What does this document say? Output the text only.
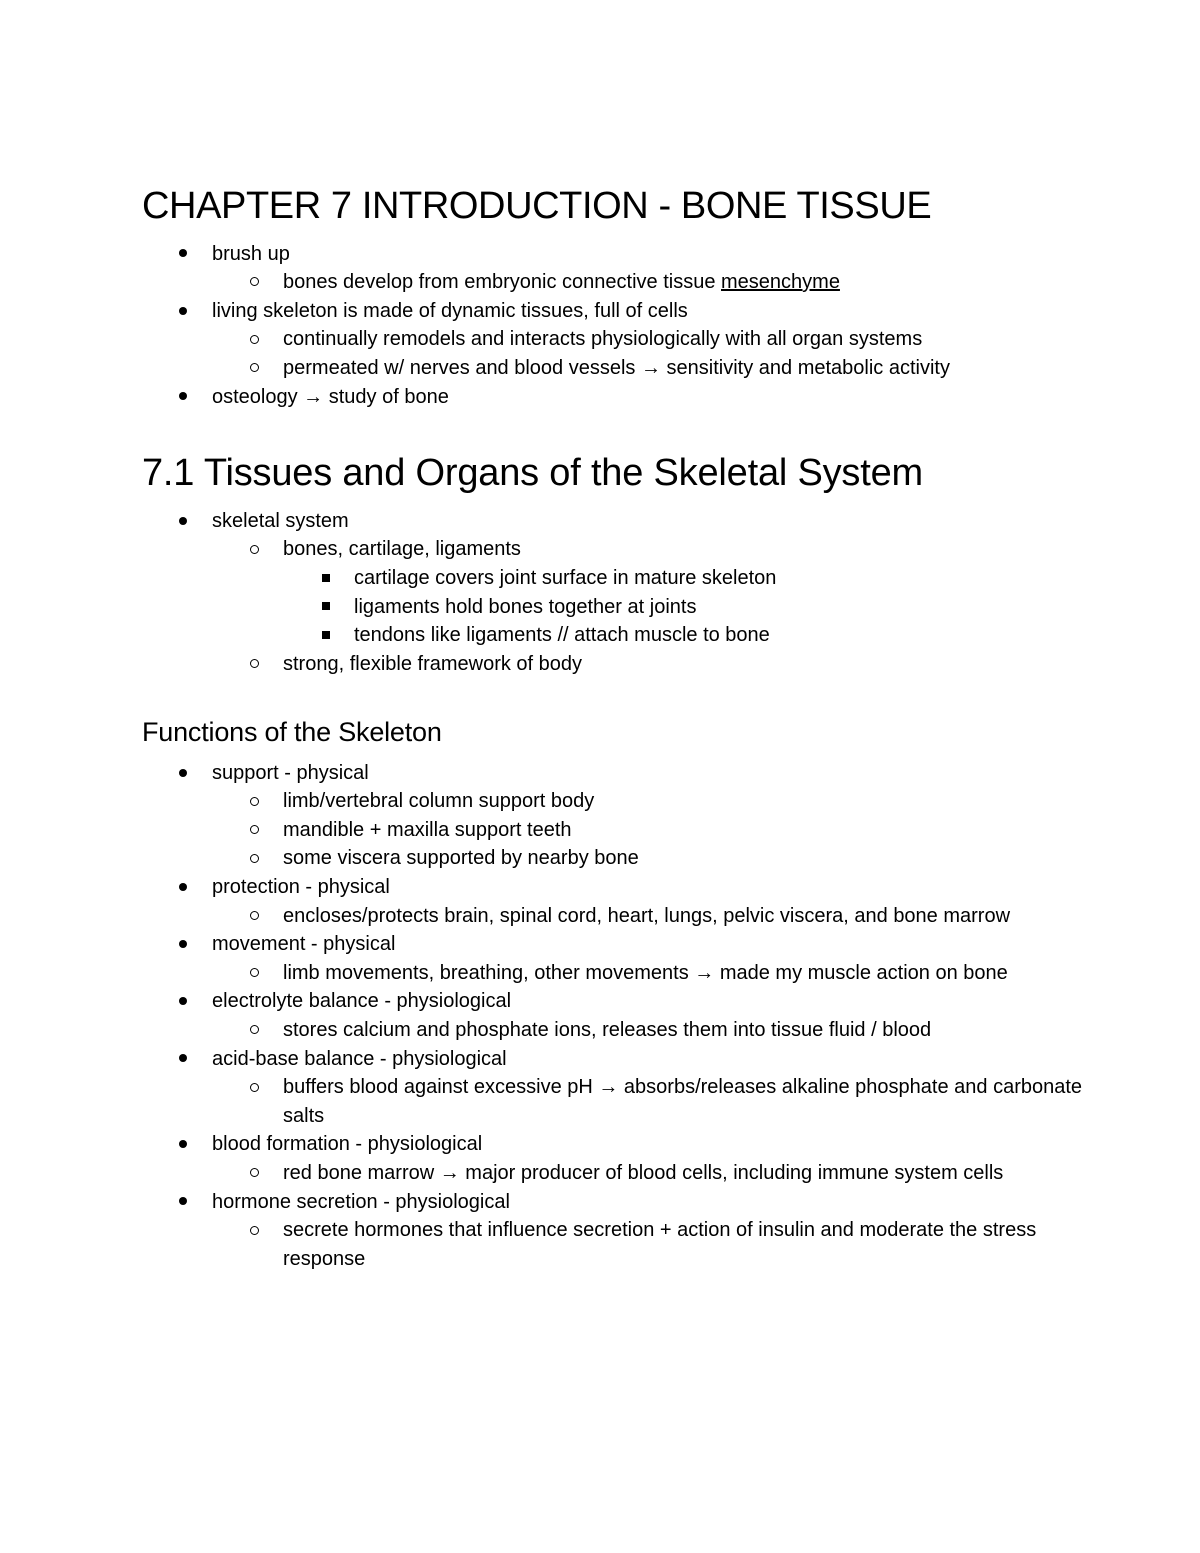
CHAPTER 7 INTRODUCTION - BONE TISSUE
brush up
bones develop from embryonic connective tissue mesenchyme
living skeleton is made of dynamic tissues, full of cells
continually remodels and interacts physiologically with all organ systems
permeated w/ nerves and blood vessels → sensitivity and metabolic activity
osteology → study of bone
7.1 Tissues and Organs of the Skeletal System
skeletal system
bones, cartilage, ligaments
cartilage covers joint surface in mature skeleton
ligaments hold bones together at joints
tendons like ligaments // attach muscle to bone
strong, flexible framework of body
Functions of the Skeleton
support - physical
limb/vertebral column support body
mandible + maxilla support teeth
some viscera supported by nearby bone
protection - physical
encloses/protects brain, spinal cord, heart, lungs, pelvic viscera, and bone marrow
movement - physical
limb movements, breathing, other movements → made my muscle action on bone
electrolyte balance - physiological
stores calcium and phosphate ions, releases them into tissue fluid / blood
acid-base balance - physiological
buffers blood against excessive pH → absorbs/releases alkaline phosphate and carbonate salts
blood formation - physiological
red bone marrow → major producer of blood cells, including immune system cells
hormone secretion - physiological
secrete hormones that influence secretion + action of insulin and moderate the stress response
